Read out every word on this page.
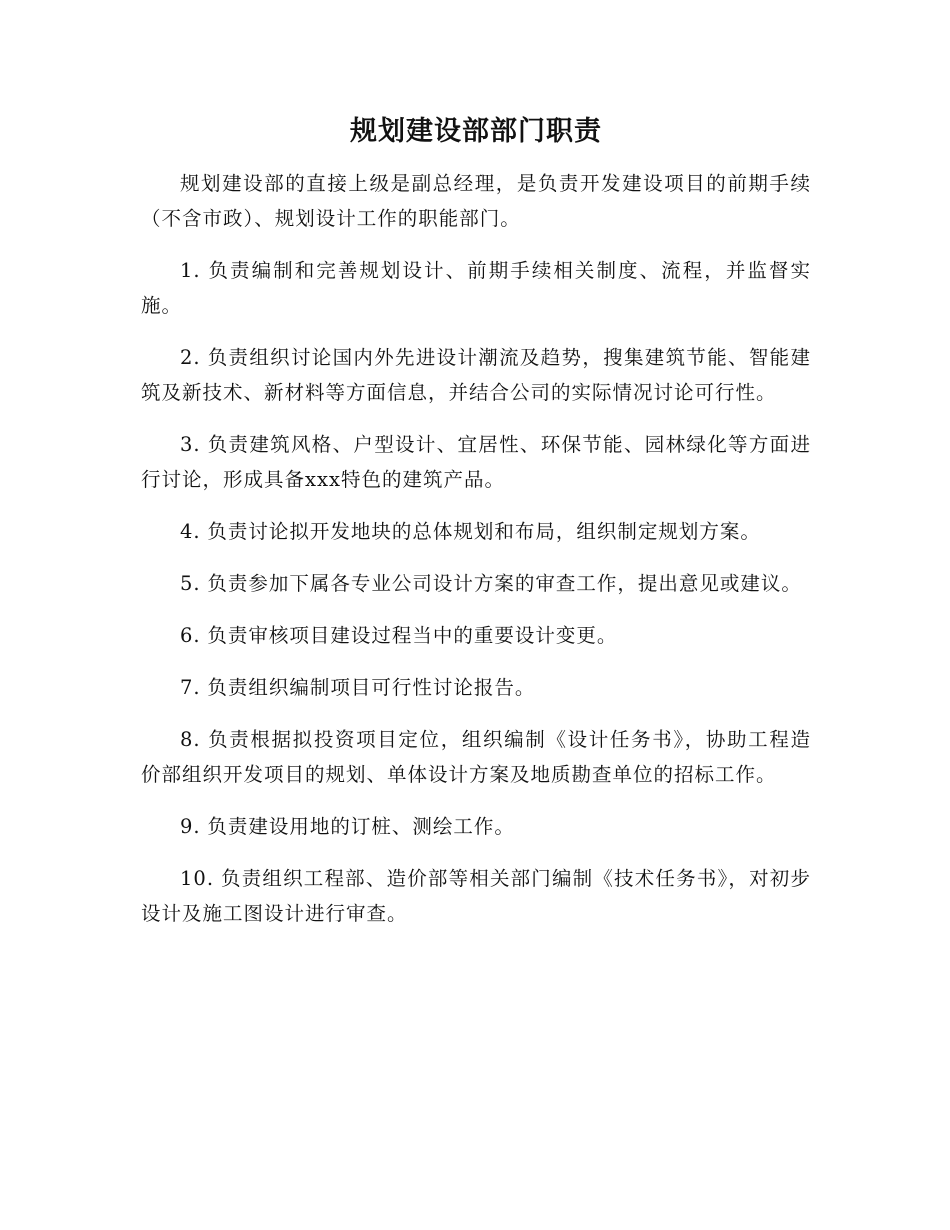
规划建设部部门职责

规划建设部的直接上级是副总经理，是负责开发建设项目的前期手续（不含市政）、规划设计工作的职能部门。

1. 负责编制和完善规划设计、前期手续相关制度、流程，并监督实施。

2. 负责组织讨论国内外先进设计潮流及趋势，搜集建筑节能、智能建筑及新技术、新材料等方面信息，并结合公司的实际情况讨论可行性。

3. 负责建筑风格、户型设计、宜居性、环保节能、园林绿化等方面进行讨论，形成具备xxx特色的建筑产品。

4. 负责讨论拟开发地块的总体规划和布局，组织制定规划方案。

5. 负责参加下属各专业公司设计方案的审查工作，提出意见或建议。

6. 负责审核项目建设过程当中的重要设计变更。

7. 负责组织编制项目可行性讨论报告。

8. 负责根据拟投资项目定位，组织编制《设计任务书》，协助工程造价部组织开发项目的规划、单体设计方案及地质勘查单位的招标工作。

9. 负责建设用地的订桩、测绘工作。

10. 负责组织工程部、造价部等相关部门编制《技术任务书》，对初步设计及施工图设计进行审查。
